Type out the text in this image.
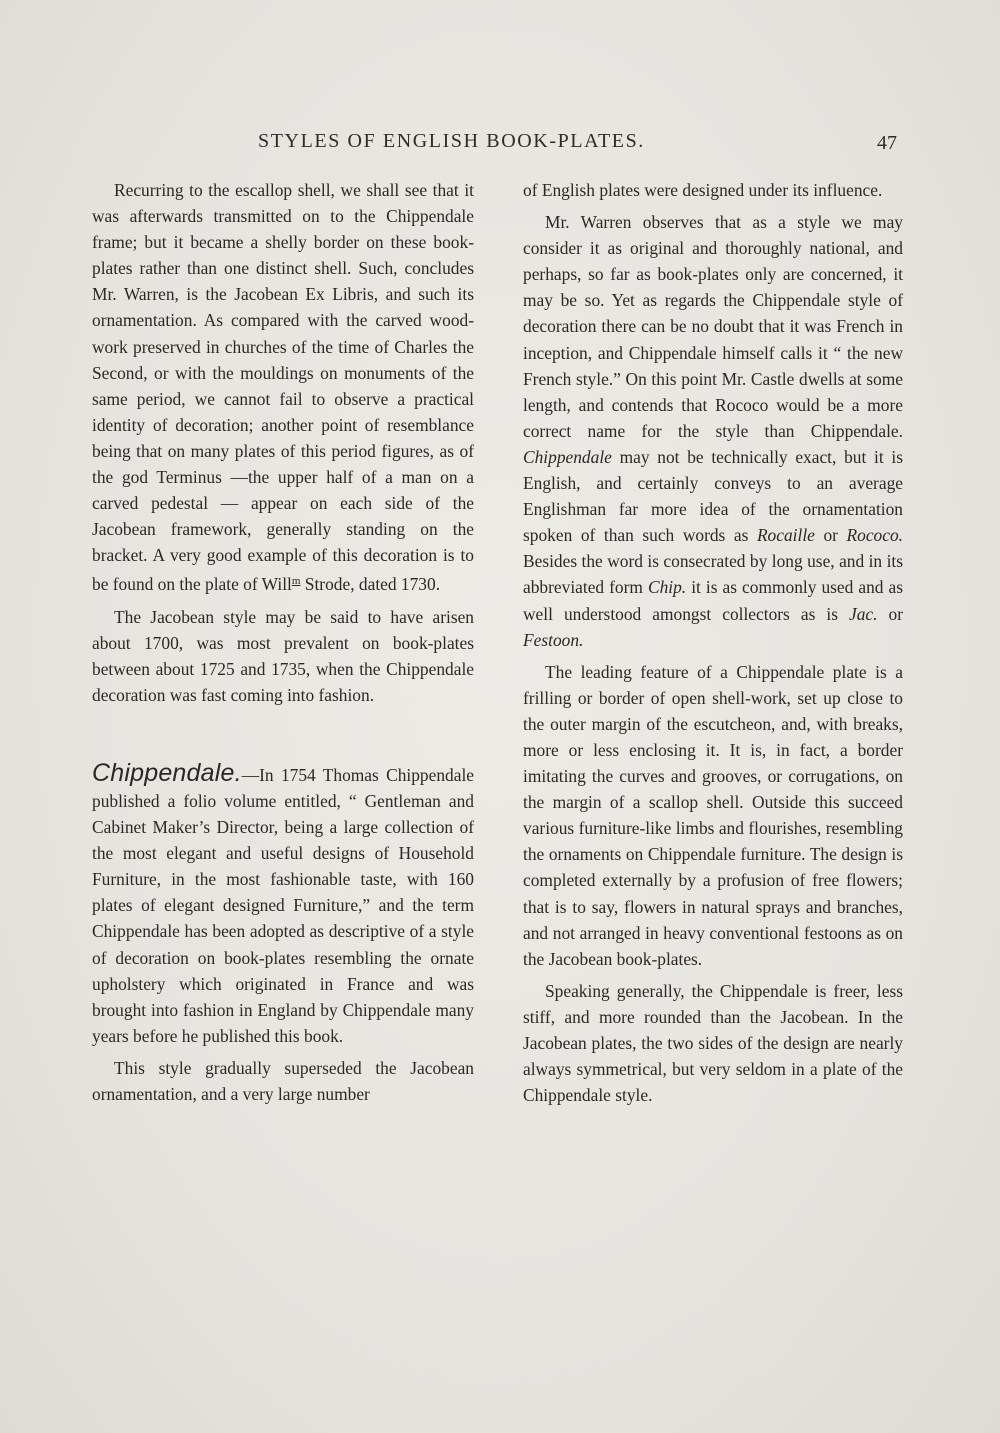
STYLES OF ENGLISH BOOK-PLATES.	47

Recurring to the escallop shell, we shall see that it was afterwards transmitted on to the Chippendale frame; but it became a shelly border on these book-plates rather than one distinct shell. Such, concludes Mr. Warren, is the Jacobean Ex Libris, and such its ornamentation. As compared with the carved wood-work preserved in churches of the time of Charles the Second, or with the mouldings on monuments of the same period, we cannot fail to observe a practical identity of decoration; another point of resemblance being that on many plates of this period figures, as of the god Terminus —the upper half of a man on a carved pedestal — appear on each side of the Jacobean framework, generally standing on the bracket. A very good example of this decoration is to be found on the plate of Will$^m$ Strode, dated 1730.

The Jacobean style may be said to have arisen about 1700, was most prevalent on book-plates between about 1725 and 1735, when the Chippendale decoration was fast coming into fashion.

Chippendale.—In 1754 Thomas Chippendale published a folio volume entitled, “ Gentleman and Cabinet Maker’s Director, being a large collection of the most elegant and useful designs of Household Furniture, in the most fashionable taste, with 160 plates of elegant designed Furniture,” and the term Chippendale has been adopted as descriptive of a style of decoration on book-plates resembling the ornate upholstery which originated in France and was brought into fashion in England by Chippendale many years before he published this book.

This style gradually superseded the Jacobean ornamentation, and a very large number

of English plates were designed under its influence.

Mr. Warren observes that as a style we may consider it as original and thoroughly national, and perhaps, so far as book-plates only are concerned, it may be so. Yet as regards the Chippendale style of decoration there can be no doubt that it was French in inception, and Chippendale himself calls it “ the new French style.” On this point Mr. Castle dwells at some length, and contends that Rococo would be a more correct name for the style than Chippendale. Chippendale may not be technically exact, but it is English, and certainly conveys to an average Englishman far more idea of the ornamentation spoken of than such words as Rocaille or Rococo. Besides the word is consecrated by long use, and in its abbreviated form Chip. it is as commonly used and as well understood amongst collectors as is Jac. or Festoon.

The leading feature of a Chippendale plate is a frilling or border of open shell-work, set up close to the outer margin of the escutcheon, and, with breaks, more or less enclosing it. It is, in fact, a border imitating the curves and grooves, or corrugations, on the margin of a scallop shell. Outside this succeed various furniture-like limbs and flourishes, resembling the ornaments on Chippendale furniture. The design is completed externally by a profusion of free flowers; that is to say, flowers in natural sprays and branches, and not arranged in heavy conventional festoons as on the Jacobean book-plates.

Speaking generally, the Chippendale is freer, less stiff, and more rounded than the Jacobean. In the Jacobean plates, the two sides of the design are nearly always symmetrical, but very seldom in a plate of the Chippendale style.
